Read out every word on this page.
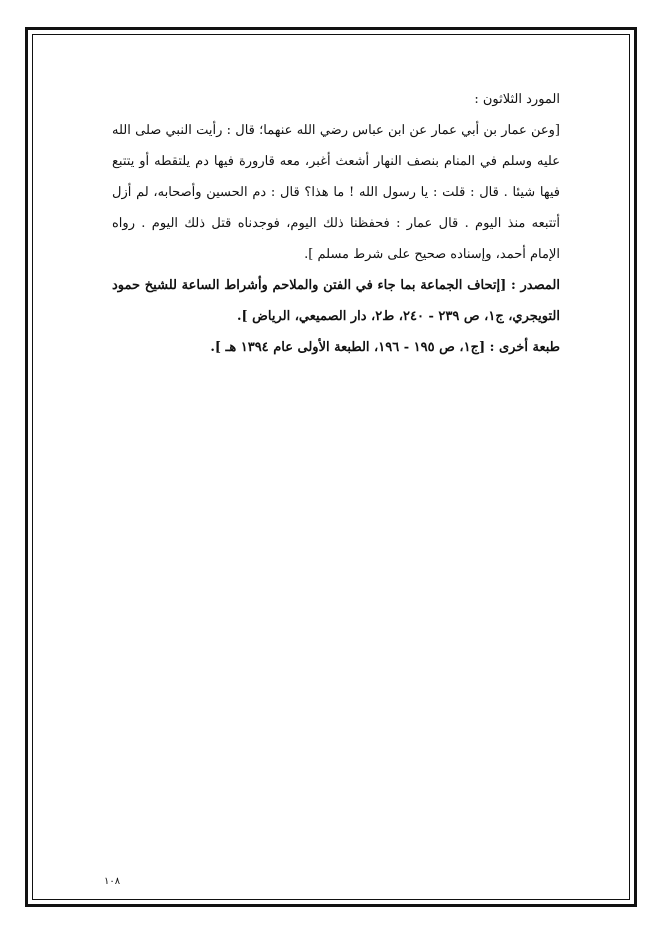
المورد الثلاثون :
[وعن عمار بن أبي عمار عن ابن عباس رضي الله عنهما؛ قال : رأيت النبي صلى الله
عليه وسلم في المنام بنصف النهار أشعث أغبر، معه قارورة فيها دم يلتقطه أو يتتبع
فيها شيئا . قال : قلت : يا رسول الله ! ما هذا؟ قال : دم الحسين وأصحابه، لم أزل
أتتبعه منذ اليوم . قال عمار : فحفظنا ذلك اليوم، فوجدناه قتل ذلك اليوم . رواه
الإمام أحمد، وإسناده صحيح على شرط مسلم ].
المصدر : [إتحاف الجماعة بما جاء في الفتن والملاحم وأشراط الساعة للشيخ حمود
التويجري، ج١، ص ٢٣٩ - ٢٤٠، ط٢، دار الصميعي، الرياض ].
طبعة أخرى : [ج١، ص ١٩٥ - ١٩٦، الطبعة الأولى عام ١٣٩٤ هـ ].
١٠٨
